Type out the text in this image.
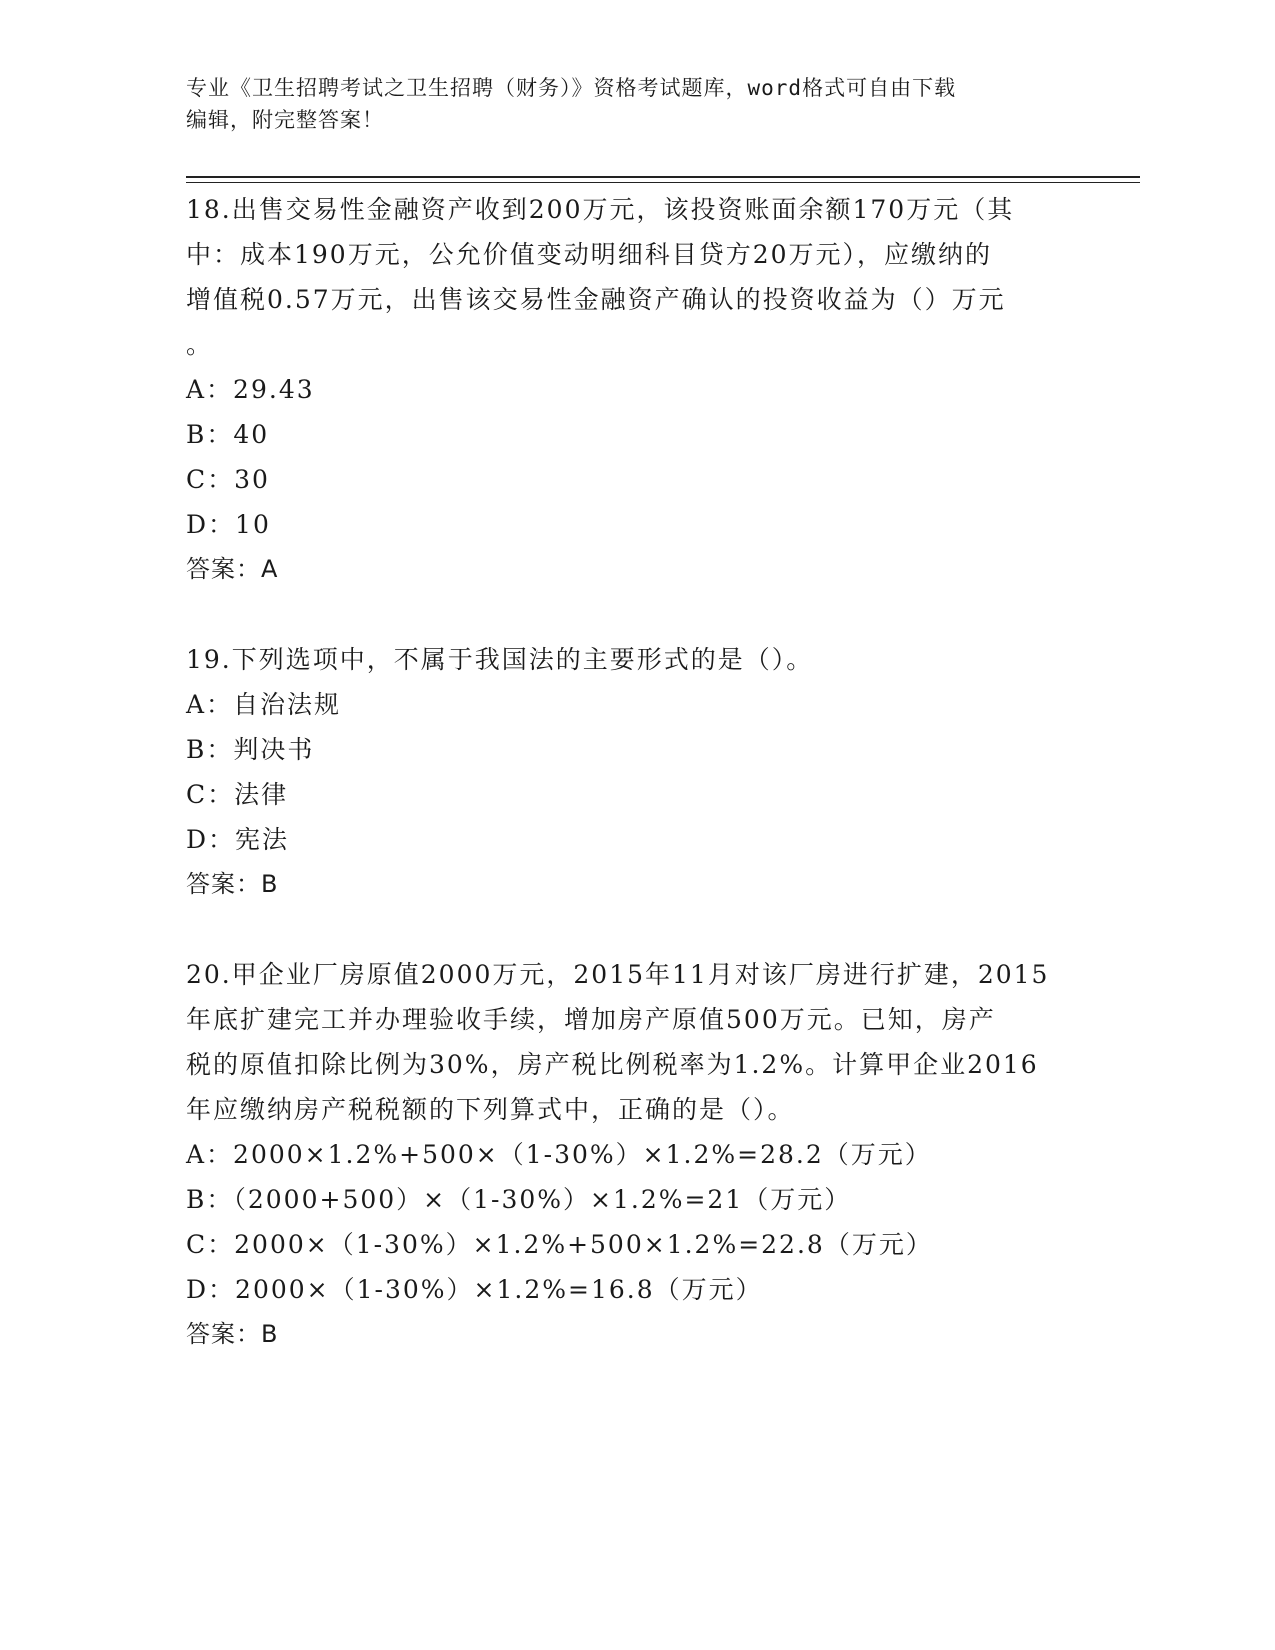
专业《卫生招聘考试之卫生招聘（财务）》资格考试题库，word格式可自由下载
编辑，附完整答案！
18.出售交易性金融资产收到200万元，该投资账面余额170万元（其
中：成本190万元，公允价值变动明细科目贷方20万元），应缴纳的
增值税0.57万元，出售该交易性金融资产确认的投资收益为（）万元
。
A：29.43
B：40
C：30
D：10
答案：A
19.下列选项中，不属于我国法的主要形式的是（）。
A：自治法规
B：判决书
C：法律
D：宪法
答案：B
20.甲企业厂房原值2000万元，2015年11月对该厂房进行扩建，2015
年底扩建完工并办理验收手续，增加房产原值500万元。已知，房产
税的原值扣除比例为30%，房产税比例税率为1.2%。计算甲企业2016
年应缴纳房产税税额的下列算式中，正确的是（）。
A：2000×1.2%+500×（1-30%）×1.2%=28.2（万元）
B：（2000+500）×（1-30%）×1.2%=21（万元）
C：2000×（1-30%）×1.2%+500×1.2%=22.8（万元）
D：2000×（1-30%）×1.2%=16.8（万元）
答案：B
